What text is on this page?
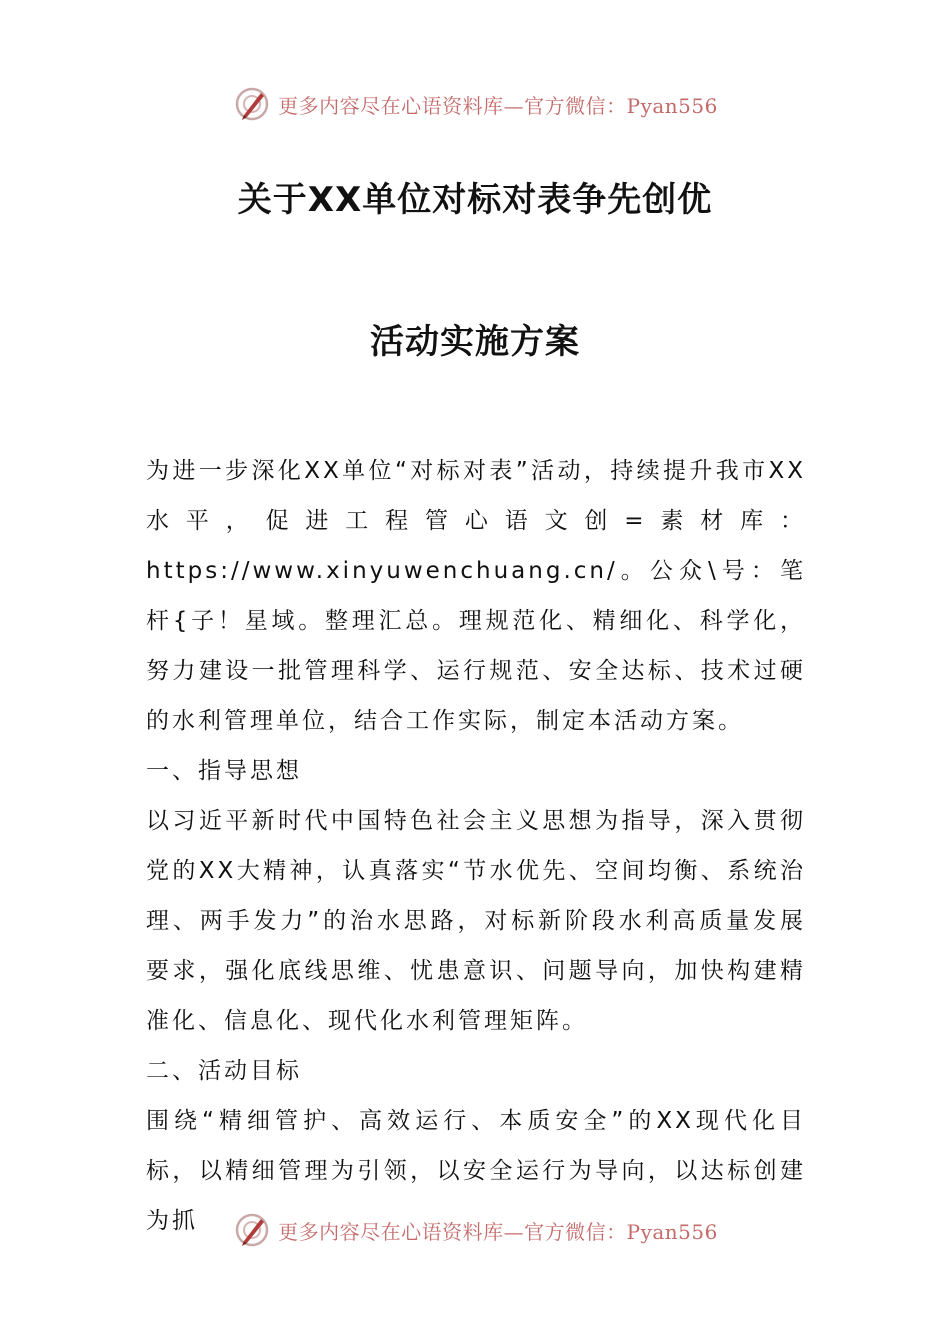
更多内容尽在心语资料库—官方微信：Pyan556
关于XX单位对标对表争先创优
活动实施方案

为进一步深化XX单位“对标对表”活动，持续提升我市XX水平，促进工程管心语文创=素材库：https://www.xinyuwenchuang.cn/。公众\号：笔杆{子！星域。整理汇总。理规范化、精细化、科学化，努力建设一批管理科学、运行规范、安全达标、技术过硬的水利管理单位，结合工作实际，制定本活动方案。

一、指导思想

以习近平新时代中国特色社会主义思想为指导，深入贯彻党的XX大精神，认真落实“节水优先、空间均衡、系统治理、两手发力”的治水思路，对标新阶段水利高质量发展要求，强化底线思维、忧患意识、问题导向，加快构建精准化、信息化、现代化水利管理矩阵。

二、活动目标

围绕“精细管护、高效运行、本质安全”的XX现代化目标，以精细管理为引领，以安全运行为导向，以达标创建为抓	更多内容尽在心语资料库—官方微信：Pyan556
